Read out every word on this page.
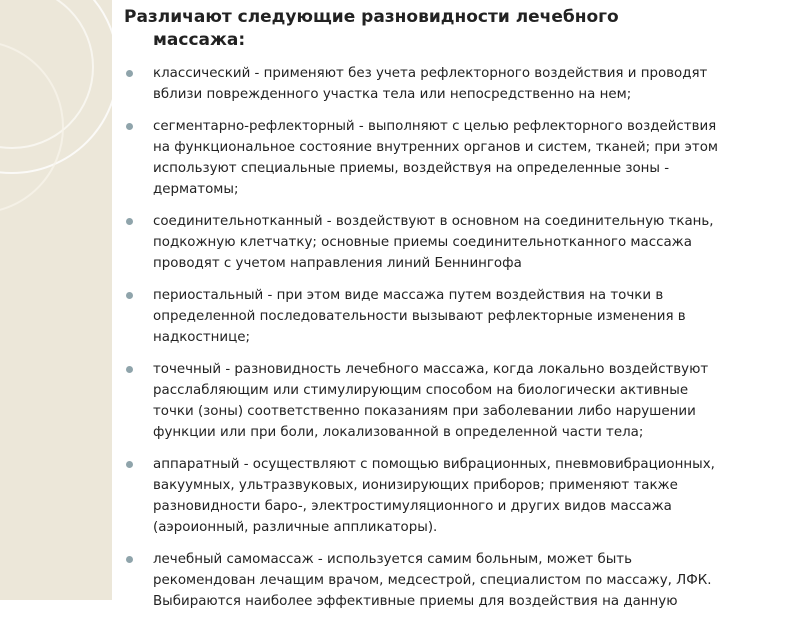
Различают следующие разновидности лечебного
массажа:
классический - применяют без учета рефлекторного воздействия и проводят
вблизи поврежденного участка тела или непосредственно на нем;
сегментарно-рефлекторный - выполняют с целью рефлекторного воздействия
на функциональное состояние внутренних органов и систем, тканей; при этом
используют специальные приемы, воздействуя на определенные зоны -
дерматомы;
соединительнотканный - воздействуют в основном на соединительную ткань,
подкожную клетчатку; основные приемы соединительнотканного массажа
проводят с учетом направления линий Беннингофа
периостальный - при этом виде массажа путем воздействия на точки в
определенной последовательности вызывают рефлекторные изменения в
надкостнице;
точечный - разновидность лечебного массажа, когда локально воздействуют
расслабляющим или стимулирующим способом на биологически активные
точки (зоны) соответственно показаниям при заболевании либо нарушении
функции или при боли, локализованной в определенной части тела;
аппаратный - осуществляют с помощью вибрационных, пневмовибрационных,
вакуумных, ультразвуковых, ионизирующих приборов; применяют также
разновидности баро-, электростимуляционного и других видов массажа
(аэроионный, различные аппликаторы).
лечебный самомассаж - используется самим больным, может быть
рекомендован лечащим врачом, медсестрой, специалистом по массажу, ЛФК.
Выбираются наиболее эффективные приемы для воздействия на данную
